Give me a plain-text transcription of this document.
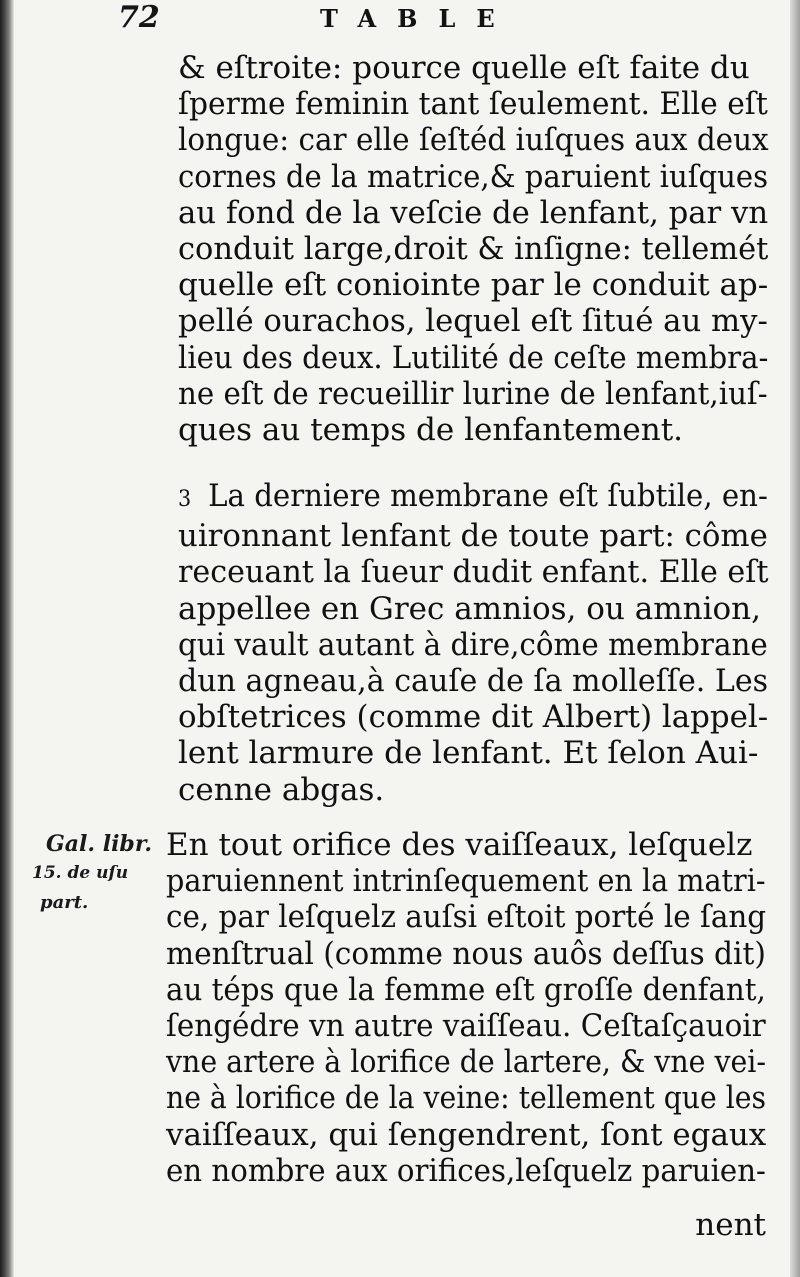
72	TABLE
& eſtroite: pource quelle eſt faite du
ſperme feminin tant ſeulement. Elle eſt
longue: car elle ſeſtéd iuſques aux deux
cornes de la matrice,& paruient iuſques
au fond de la veſcie de lenfant, par vn
conduit large,droit & inſigne: tellemét
quelle eſt coniointe par le conduit ap-
pellé ourachos, lequel eſt ſitué au my-
lieu des deux. Lutilité de ceſte membra-
ne eſt de recueillir lurine de lenfant,iuſ-
ques au temps de lenfantement.
3 La derniere membrane eſt ſubtile, en-
uironnant lenfant de toute part: côme
receuant la ſueur dudit enfant. Elle eſt
appellee en Grec amnios, ou amnion,
qui vault autant à dire,côme membrane
dun agneau,à cauſe de ſa molleſſe. Les
obſtetrices (comme dit Albert) lappel-
lent larmure de lenfant. Et ſelon Aui-
cenne abgas.
Gal. libr.
15. de uſu
part.
En tout orifice des vaiſſeaux, leſquelz
paruiennent intrinſequement en la matri-
ce, par leſquelz auſsi eſtoit porté le ſang
menſtrual (comme nous auôs deſſus dit)
au téps que la femme eſt groſſe denfant,
ſengédre vn autre vaiſſeau. Ceſtaſçauoir
vne artere à lorifice de lartere, & vne vei-
ne à lorifice de la veine: tellement que les
vaiſſeaux, qui ſengendrent, ſont egaux
en nombre aux orifices,leſquelz paruien-
nent
